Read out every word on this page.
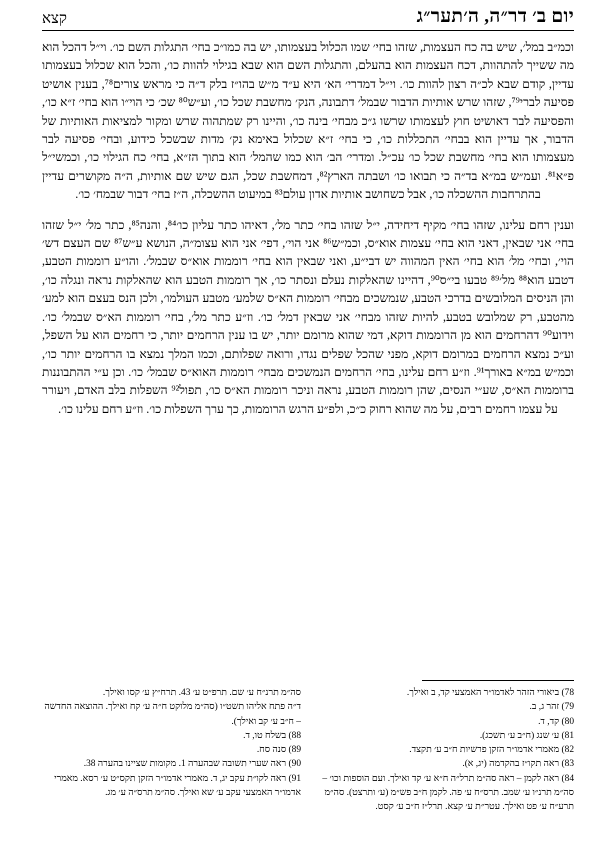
יום ב׳ דר״ה, ה׳תער״ג
קצא

וכמ״ב במל׳, שיש בה כח העצמות, שזהו בחי׳ שמו הכלול בעצמותו, יש בה כמו״כ בחי׳ התגלות השם כו׳. וי״ל דהכל הוא מה ששייך להתהוות, דכח העצמות הוא בהעלם, והתגלות השם הוא שבא בגילוי להוות כו׳, והכל הוא שכלול בעצמותו עדיין, קודם שבא לכ״ה רצון להוות כו׳. וי״ל דמדרי׳ הא׳ היא ע״ד מ״ש בהו״ז בלק ד״ה כי מראש צורים⁷⁸, בענין אושיט פסיעה לברי⁷⁹, שזהו שרש אותיות הדבור שבמל׳ דתבונה, הנק׳ מחשבת שכל כו׳, וע״ש⁸⁰ שכ׳ כי הוי״ו הוא בחי׳ ז״א כו׳, והפסיעה לבר דאושיט חוץ לעצמותו שרשו ג״כ מבחי׳ בינה כו׳, והיינו רק שמתהוה שרש ומקור למציאות האותיות של הדבור, אך עדיין הוא בבחי׳ התכללות כו׳, כי בחי׳ ז״א שכלול באימא נק׳ מדות שבשכל כידוע, ובחי׳ פסיעה לבר מעצמותו הוא בחי׳ מחשבת שכל כו׳ עכ״ל. ומדרי׳ הב׳ הוא כמו שהמל׳ הוא בתוך הז״א, בחי׳ כח הגילוי כו׳, וכמשי״ל פ״א⁸¹. ועמ״ש במ״א בד״ה כי תבואו כו׳ ושבתה הארץ⁸², דמחשבת שכל, הגם שיש שם אותיות, ה״ה מקושרים עדיין בהתרחבות ההשכלה כו׳, אבל כשחושב אותיות אדון עולם⁸³ במיעוט ההשכלה, ה״ז בחי׳ דבור שבמח׳ כו׳.

וענין רחם עלינו, שזהו בחי׳ מקיף דיחידה, י״ל שזהו בחי׳ כתר מל׳, דאיהו כתר עליון כו׳⁸⁴, והנה⁸⁵, כתר מל׳ י״ל שזהו בחי׳ אני שבאין, דאני הוא בחי׳ עצמות אוא״ס, וכמ״ש⁸⁶ אני הוי׳, דפי׳ אני הוא עצומ״ה, הנושא ע״ש⁸⁷ שם העצם דש׳ הוי׳, ובחי׳ מל׳ הוא בחי׳ האין המהווה יש דבי״ע, ואני שבאין הוא בחי׳ רוממות אוא״ס שבמל׳. והו״ע רוממות הטבע, דטבע הוא⁸⁸ מל׳⁸⁹ טבעו בי״ס⁹⁰, דהיינו שהאלקות נעלם ונסתר כו׳, אך רוממות הטבע הוא שהאלקות נראה ונגלה כו׳, והן הניסים המלובשים בדרכי הטבע, שנמשכים מבחי׳ רוממות הא״ס שלמע׳ מטבע העולמו׳, ולכן הנס בעצם הוא למע׳ מהטבע, רק שמלובש בטבע, להיות שזהו מבחי׳ אני שבאין דמל׳ כו׳. וז״ע כתר מל׳, בחי׳ רוממות הא״ס שבמל׳ כו׳. וידוע⁹⁰ דהרחמים הוא מן הרוממות דוקא, דמי שהוא מרומם יותר, יש בו ענין הרחמים יותר, כי רחמים הוא על השפל, וע״כ נמצא הרחמים במרומם דוקא, מפני שהכל שפלים נגדו, ורואה שפלותם, וכמו המלך נמצא בו הרחמים יותר כו׳, וכמ״ש במ״א באורך⁹¹. וז״ע רחם עלינו, בחי׳ הרחמים הנמשכים מבחי׳ רוממות האוא״ס שבמל׳ כו׳. וכן ע״י ההתבוננות ברוממות הא״ס, שע״י הנסים, שהן רוממות הטבע, נראה וניכר רוממות הא״ס כו׳, תפול⁹² השפלות בלב האדם, ויעורר על עצמו רחמים רבים, על מה שהוא רחוק כ״כ, ולפ״ע הרגש הרוממות, כך ערך השפלות כו׳. וז״ע רחם עלינו כו׳.

78) ביאורי הזהר לאדמו״ר האמצעי קד, ב ואילך.
79) זהר ג, ב.
80) קד, ד.
81) ע׳ שנג (ח״ב ע׳ תשכג).
82) מאמרי אדמו״ר הזקן פרשיות ח״ב ע׳ תקצד.
83) ראה תקו״ז בהקדמה (יג, א).
84) ראה לקמן – ראה סה״מ תרל״ה ח״א ע׳ קד ואילך. ועם הוספות וכו׳ – סה״מ תרנ״ו ע׳ שמב. תרס״ח ע׳ פה. לקמן ח״ב פש״מ (ע׳ ותרצט). סה״מ תרע״ח ע׳ פט ואילך. עטר״ת ע׳ קצא. תרל״ז ח״ב ע׳ קסט.
סה״מ תרנ״ח ע׳ שם. תרפ״ט ע׳ 43. תרח״ץ ע׳ קסו ואילך.
ד״ה פתח אליהו תשט״ו (סה״מ מלוקט ח״ה ע׳ קח ואילך. ההוצאה החדשה – ח״ב ע׳ קב ואילך).
88) בשלח טו, ד.
89) סנה סח.
90) ראה שערי תשובה שבהערה 1. מקומות שציינו בהערה 38.
91) ראה לקו״ת עקב יג, ד. מאמרי אדמו״ר הזקן תקס״ט ע׳ רסא. מאמרי אדמו״ר האמצעי עקב ע׳ שא ואילך. סה״מ תרס״ה ע׳ מג.
